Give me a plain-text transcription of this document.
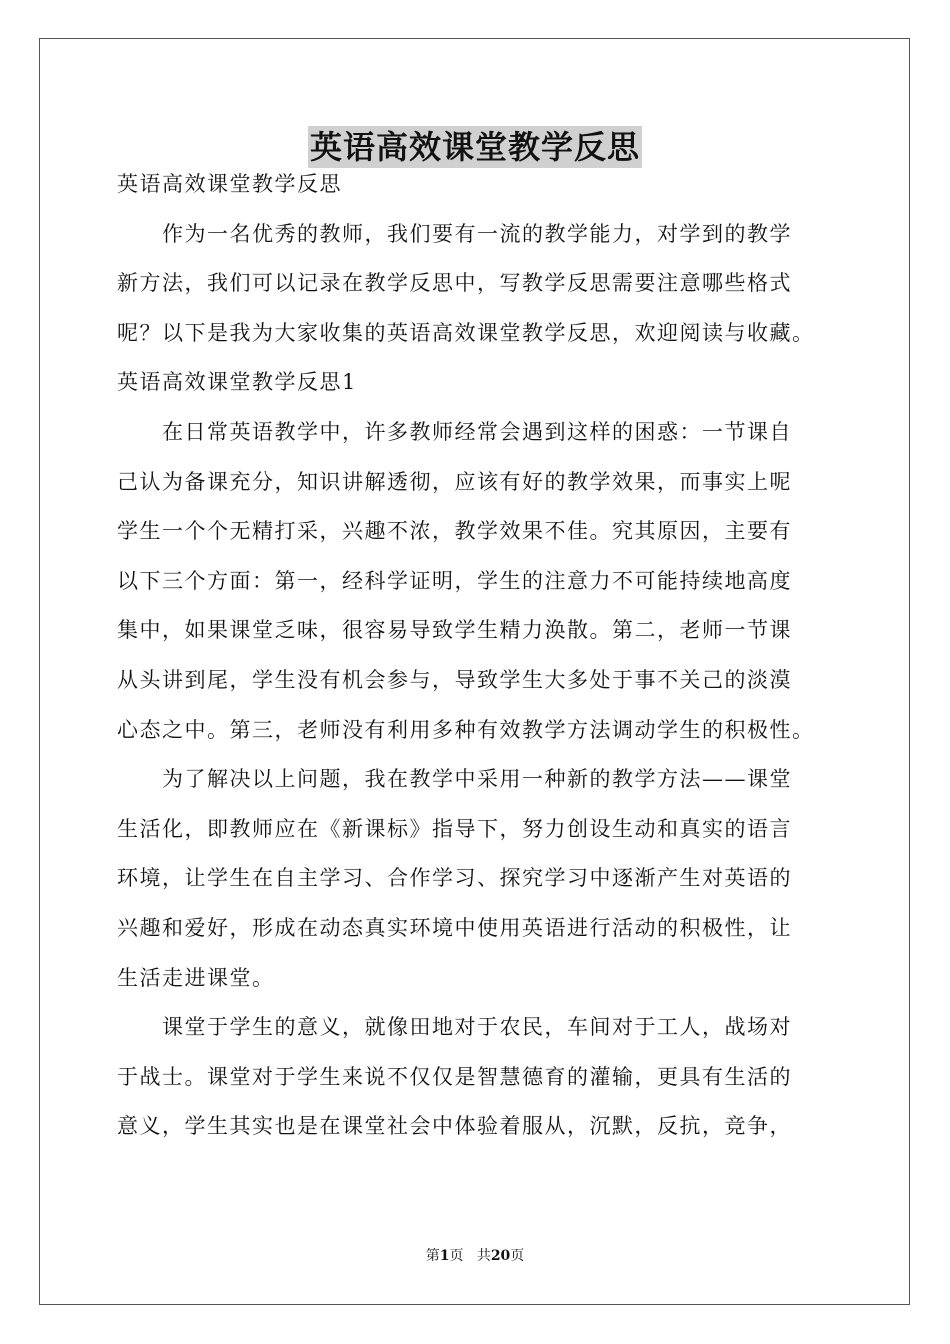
英语高效课堂教学反思
英语高效课堂教学反思
　　作为一名优秀的教师，我们要有一流的教学能力，对学到的教学
新方法，我们可以记录在教学反思中，写教学反思需要注意哪些格式
呢？以下是我为大家收集的英语高效课堂教学反思，欢迎阅读与收藏。
英语高效课堂教学反思1
　　在日常英语教学中，许多教师经常会遇到这样的困惑：一节课自
己认为备课充分，知识讲解透彻，应该有好的教学效果，而事实上呢
学生一个个无精打采，兴趣不浓，教学效果不佳。究其原因，主要有
以下三个方面：第一，经科学证明，学生的注意力不可能持续地高度
集中，如果课堂乏味，很容易导致学生精力涣散。第二，老师一节课
从头讲到尾，学生没有机会参与，导致学生大多处于事不关己的淡漠
心态之中。第三，老师没有利用多种有效教学方法调动学生的积极性。
　　为了解决以上问题，我在教学中采用一种新的教学方法——课堂
生活化，即教师应在《新课标》指导下，努力创设生动和真实的语言
环境，让学生在自主学习、合作学习、探究学习中逐渐产生对英语的
兴趣和爱好，形成在动态真实环境中使用英语进行活动的积极性，让
生活走进课堂。
　　课堂于学生的意义，就像田地对于农民，车间对于工人，战场对
于战士。课堂对于学生来说不仅仅是智慧德育的灌输，更具有生活的
意义，学生其实也是在课堂社会中体验着服从，沉默，反抗，竞争，
第1页 共20页
